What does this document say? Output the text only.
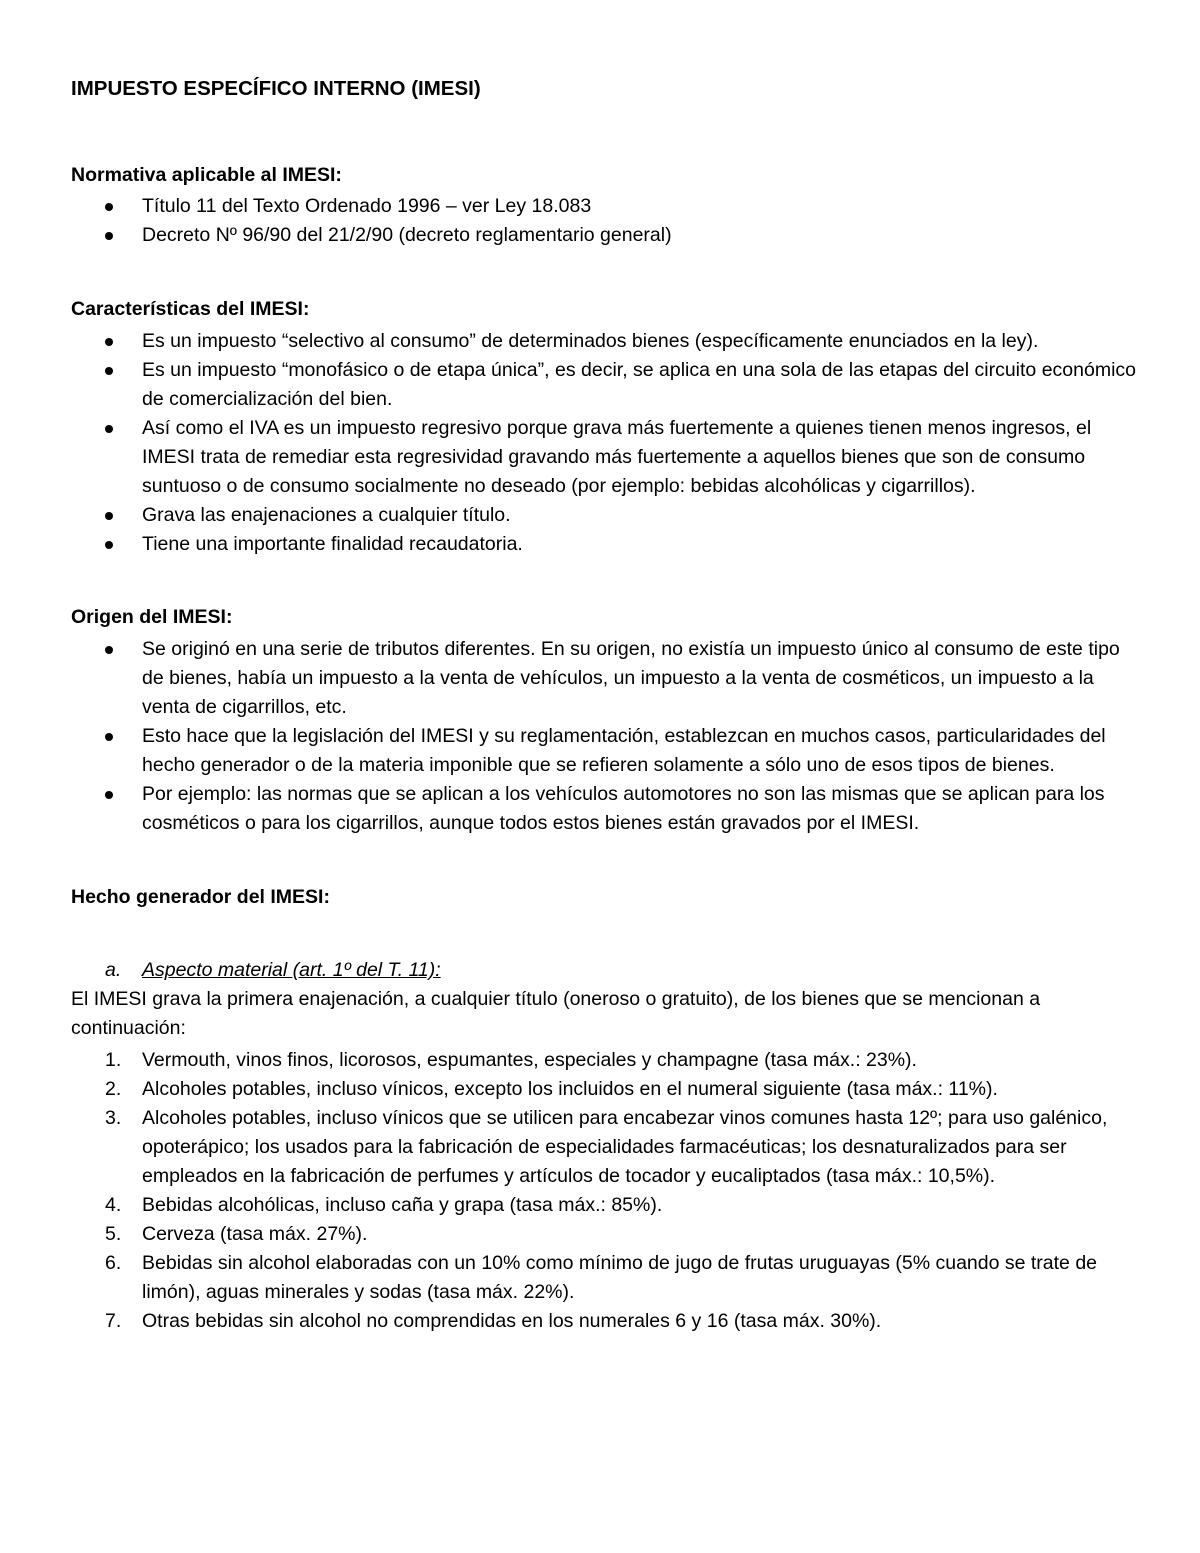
IMPUESTO ESPECÍFICO INTERNO (IMESI)

Normativa aplicable al IMESI:

Título 11 del Texto Ordenado 1996 – ver Ley 18.083
Decreto Nº 96/90 del 21/2/90 (decreto reglamentario general)

Características del IMESI:

Es un impuesto “selectivo al consumo” de determinados bienes (específicamente enunciados en la ley).
Es un impuesto “monofásico o de etapa única”, es decir, se aplica en una sola de las etapas del circuito económico de comercialización del bien.
Así como el IVA es un impuesto regresivo porque grava más fuertemente a quienes tienen menos ingresos, el IMESI trata de remediar esta regresividad gravando más fuertemente a aquellos bienes que son de consumo suntuoso o de consumo socialmente no deseado (por ejemplo: bebidas alcohólicas y cigarrillos).
Grava las enajenaciones a cualquier título.
Tiene una importante finalidad recaudatoria.

Origen del IMESI:

Se originó en una serie de tributos diferentes. En su origen, no existía un impuesto único al consumo de este tipo de bienes, había un impuesto a la venta de vehículos, un impuesto a la venta de cosméticos, un impuesto a la venta de cigarrillos, etc.
Esto hace que la legislación del IMESI y su reglamentación, establezcan en muchos casos, particularidades del hecho generador o de la materia imponible que se refieren solamente a sólo uno de esos tipos de bienes.
Por ejemplo: las normas que se aplican a los vehículos automotores no son las mismas que se aplican para los cosméticos o para los cigarrillos, aunque todos estos bienes están gravados por el IMESI.

Hecho generador del IMESI:

a. Aspecto material (art. 1º del T. 11):

El IMESI grava la primera enajenación, a cualquier título (oneroso o gratuito), de los bienes que se mencionan a continuación:

1. Vermouth, vinos finos, licorosos, espumantes, especiales y champagne (tasa máx.: 23%).
2. Alcoholes potables, incluso vínicos, excepto los incluidos en el numeral siguiente (tasa máx.: 11%).
3. Alcoholes potables, incluso vínicos que se utilicen para encabezar vinos comunes hasta 12º; para uso galénico, opoterápico; los usados para la fabricación de especialidades farmacéuticas; los desnaturalizados para ser empleados en la fabricación de perfumes y artículos de tocador y eucaliptados (tasa máx.: 10,5%).
4. Bebidas alcohólicas, incluso caña y grapa (tasa máx.: 85%).
5. Cerveza (tasa máx. 27%).
6. Bebidas sin alcohol elaboradas con un 10% como mínimo de jugo de frutas uruguayas (5% cuando se trate de limón), aguas minerales y sodas (tasa máx. 22%).
7. Otras bebidas sin alcohol no comprendidas en los numerales 6 y 16 (tasa máx. 30%).
